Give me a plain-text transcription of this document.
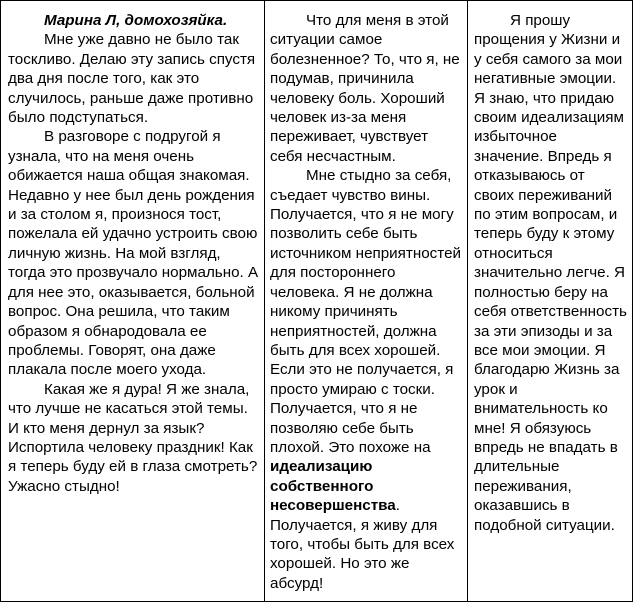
Марина Л, домохозяйка.

Мне уже давно не было так тоскливо. Делаю эту запись спустя два дня после того, как это случилось, раньше даже противно было подступаться.

В разговоре с подругой я узнала, что на меня очень обижается наша общая знакомая. Недавно у нее был день рождения и за столом я, произнося тост, пожелала ей удачно устроить свою личную жизнь. На мой взгляд, тогда это прозвучало нормально. А для нее это, оказывается, больной вопрос. Она решила, что таким образом я обнародовала ее проблемы. Говорят, она даже плакала после моего ухода.

Какая же я дура! Я же знала, что лучше не касаться этой темы. И кто меня дернул за язык? Испортила человеку праздник! Как я теперь буду ей в глаза смотреть? Ужасно стыдно!

Что для меня в этой ситуации самое болезненное? То, что я, не подумав, причинила человеку боль. Хороший человек из-за меня переживает, чувствует себя несчастным.

Мне стыдно за себя, съедает чувство вины. Получается, что я не могу позволить себе быть источником неприятностей для постороннего человека. Я не должна никому причинять неприятностей, должна быть для всех хорошей. Если это не получается, я просто умираю с тоски. Получается, что я не позволяю себе быть плохой. Это похоже на идеализацию собственного несовершенства. Получается, я живу для того, чтобы быть для всех хорошей. Но это же абсурд!

Я прошу прощения у Жизни и у себя самого за мои негативные эмоции. Я знаю, что придаю своим идеализациям избыточное значение. Впредь я отказываюсь от своих переживаний по этим вопросам, и теперь буду к этому относиться значительно легче. Я полностью беру на себя ответственность за эти эпизоды и за все мои эмоции. Я благодарю Жизнь за урок и внимательность ко мне! Я обязуюсь впредь не впадать в длительные переживания, оказавшись в подобной ситуации.
